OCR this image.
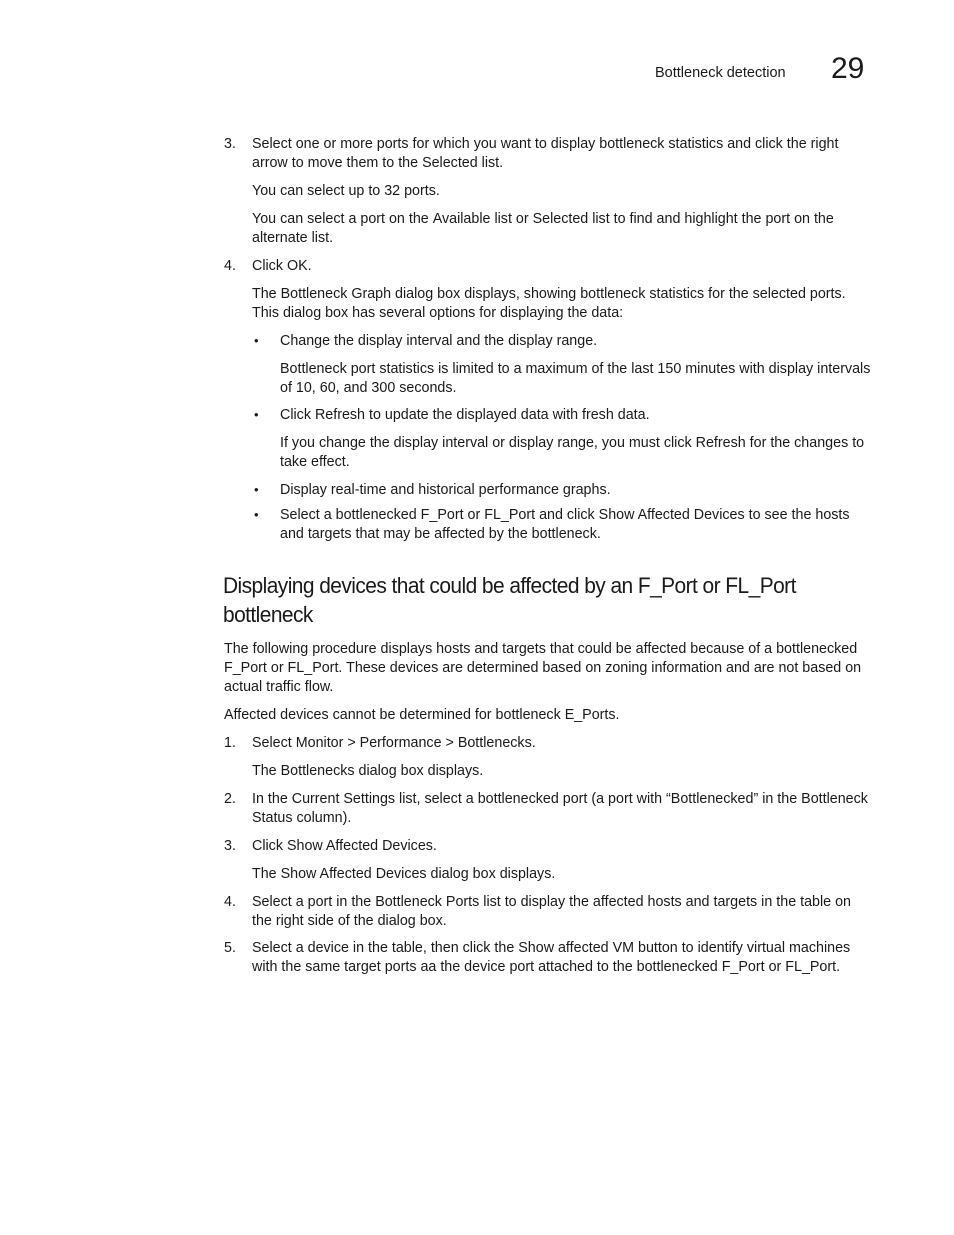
Bottleneck detection 29
3. Select one or more ports for which you want to display bottleneck statistics and click the right arrow to move them to the Selected list.
You can select up to 32 ports.
You can select a port on the Available list or Selected list to find and highlight the port on the alternate list.
4. Click OK.
The Bottleneck Graph dialog box displays, showing bottleneck statistics for the selected ports. This dialog box has several options for displaying the data:
• Change the display interval and the display range.
Bottleneck port statistics is limited to a maximum of the last 150 minutes with display intervals of 10, 60, and 300 seconds.
• Click Refresh to update the displayed data with fresh data.
If you change the display interval or display range, you must click Refresh for the changes to take effect.
• Display real-time and historical performance graphs.
• Select a bottlenecked F_Port or FL_Port and click Show Affected Devices to see the hosts and targets that may be affected by the bottleneck.
Displaying devices that could be affected by an F_Port or FL_Port bottleneck
The following procedure displays hosts and targets that could be affected because of a bottlenecked F_Port or FL_Port. These devices are determined based on zoning information and are not based on actual traffic flow.
Affected devices cannot be determined for bottleneck E_Ports.
1. Select Monitor > Performance > Bottlenecks.
The Bottlenecks dialog box displays.
2. In the Current Settings list, select a bottlenecked port (a port with “Bottlenecked” in the Bottleneck Status column).
3. Click Show Affected Devices.
The Show Affected Devices dialog box displays.
4. Select a port in the Bottleneck Ports list to display the affected hosts and targets in the table on the right side of the dialog box.
5. Select a device in the table, then click the Show affected VM button to identify virtual machines with the same target ports aa the device port attached to the bottlenecked F_Port or FL_Port.
